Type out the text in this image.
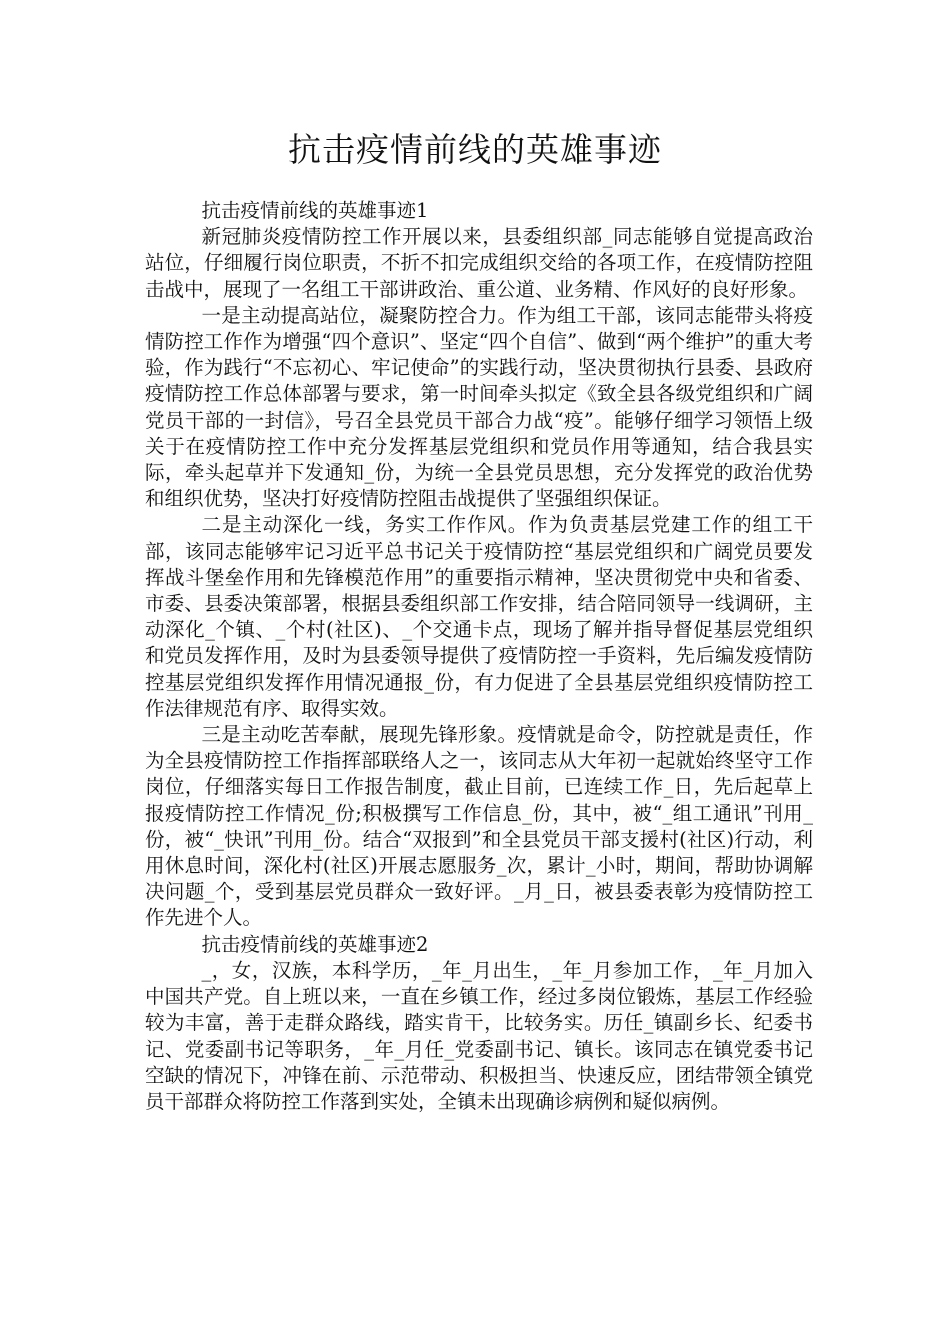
抗击疫情前线的英雄事迹

抗击疫情前线的英雄事迹1

新冠肺炎疫情防控工作开展以来，县委组织部_同志能够自觉提高政治站位，仔细履行岗位职责，不折不扣完成组织交给的各项工作，在疫情防控阻击战中，展现了一名组工干部讲政治、重公道、业务精、作风好的良好形象。

一是主动提高站位，凝聚防控合力。作为组工干部，该同志能带头将疫情防控工作作为增强“四个意识”、坚定“四个自信”、做到“两个维护”的重大考验，作为践行“不忘初心、牢记使命”的实践行动，坚决贯彻执行县委、县政府疫情防控工作总体部署与要求，第一时间牵头拟定《致全县各级党组织和广阔党员干部的一封信》，号召全县党员干部合力战“疫”。能够仔细学习领悟上级关于在疫情防控工作中充分发挥基层党组织和党员作用等通知，结合我县实际，牵头起草并下发通知_份，为统一全县党员思想，充分发挥党的政治优势和组织优势，坚决打好疫情防控阻击战提供了坚强组织保证。

二是主动深化一线，务实工作作风。作为负责基层党建工作的组工干部，该同志能够牢记习近平总书记关于疫情防控“基层党组织和广阔党员要发挥战斗堡垒作用和先锋模范作用”的重要指示精神，坚决贯彻党中央和省委、市委、县委决策部署，根据县委组织部工作安排，结合陪同领导一线调研，主动深化_个镇、_个村(社区)、_个交通卡点，现场了解并指导督促基层党组织和党员发挥作用，及时为县委领导提供了疫情防控一手资料，先后编发疫情防控基层党组织发挥作用情况通报_份，有力促进了全县基层党组织疫情防控工作法律规范有序、取得实效。

三是主动吃苦奉献，展现先锋形象。疫情就是命令，防控就是责任，作为全县疫情防控工作指挥部联络人之一，该同志从大年初一起就始终坚守工作岗位，仔细落实每日工作报告制度，截止目前，已连续工作_日，先后起草上报疫情防控工作情况_份;积极撰写工作信息_份，其中，被“_组工通讯”刊用_份，被“_快讯”刊用_份。结合“双报到”和全县党员干部支援村(社区)行动，利用休息时间，深化村(社区)开展志愿服务_次，累计_小时，期间，帮助协调解决问题_个，受到基层党员群众一致好评。_月_日，被县委表彰为疫情防控工作先进个人。

抗击疫情前线的英雄事迹2

_，女，汉族，本科学历，_年_月出生，_年_月参加工作，_年_月加入中国共产党。自上班以来，一直在乡镇工作，经过多岗位锻炼，基层工作经验较为丰富，善于走群众路线，踏实肯干，比较务实。历任_镇副乡长、纪委书记、党委副书记等职务，_年_月任_党委副书记、镇长。该同志在镇党委书记空缺的情况下，冲锋在前、示范带动、积极担当、快速反应，团结带领全镇党员干部群众将防控工作落到实处，全镇未出现确诊病例和疑似病例。
